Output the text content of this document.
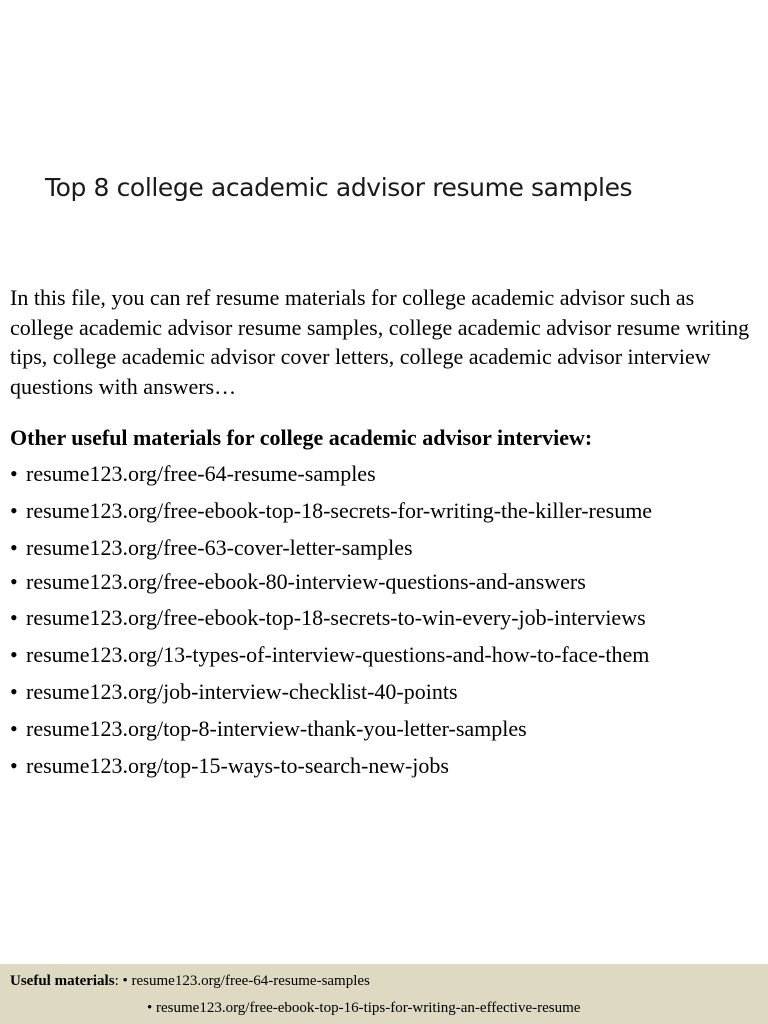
Top 8 college academic advisor resume samples

In this file, you can ref resume materials for college academic advisor such as college academic advisor resume samples, college academic advisor resume writing tips, college academic advisor cover letters, college academic advisor interview questions with answers…

Other useful materials for college academic advisor interview:
• resume123.org/free-64-resume-samples
• resume123.org/free-ebook-top-18-secrets-for-writing-the-killer-resume
• resume123.org/free-63-cover-letter-samples
• resume123.org/free-ebook-80-interview-questions-and-answers
• resume123.org/free-ebook-top-18-secrets-to-win-every-job-interviews
• resume123.org/13-types-of-interview-questions-and-how-to-face-them
• resume123.org/job-interview-checklist-40-points
• resume123.org/top-8-interview-thank-you-letter-samples
• resume123.org/top-15-ways-to-search-new-jobs
Useful materials: • resume123.org/free-64-resume-samples
• resume123.org/free-ebook-top-16-tips-for-writing-an-effective-resume
